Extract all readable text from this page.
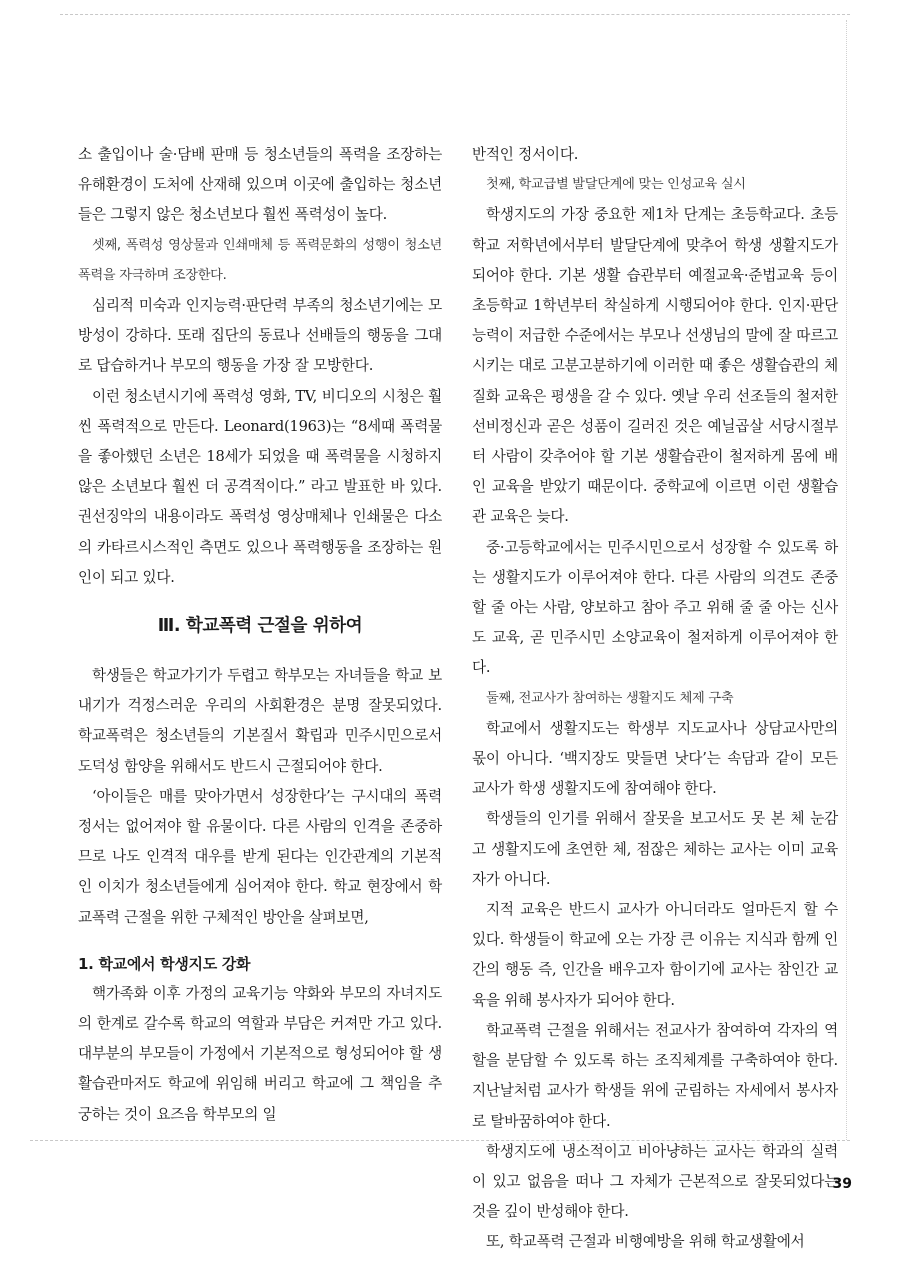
소 출입이나 술·담배 판매 등 청소년들의 폭력을 조장하는 유해환경이 도처에 산재해 있으며 이곳에 출입하는 청소년들은 그렇지 않은 청소년보다 훨씬 폭력성이 높다.

셋째, 폭력성 영상물과 인쇄매체 등 폭력문화의 성행이 청소년 폭력을 자극하며 조장한다.

심리적 미숙과 인지능력·판단력 부족의 청소년기에는 모방성이 강하다. 또래 집단의 동료나 선배들의 행동을 그대로 답습하거나 부모의 행동을 가장 잘 모방한다.

이런 청소년시기에 폭력성 영화, TV, 비디오의 시청은 훨씬 폭력적으로 만든다. Leonard(1963)는 “8세때 폭력물을 좋아했던 소년은 18세가 되었을 때 폭력물을 시청하지 않은 소년보다 훨씬 더 공격적이다.” 라고 발표한 바 있다. 권선징악의 내용이라도 폭력성 영상매체나 인쇄물은 다소의 카타르시스적인 측면도 있으나 폭력행동을 조장하는 원인이 되고 있다.

Ⅲ. 학교폭력 근절을 위하여

학생들은 학교가기가 두렵고 학부모는 자녀들을 학교 보내기가 걱정스러운 우리의 사회환경은 분명 잘못되었다. 학교폭력은 청소년들의 기본질서 확립과 민주시민으로서 도덕성 함양을 위해서도 반드시 근절되어야 한다.

‘아이들은 매를 맞아가면서 성장한다’는 구시대의 폭력정서는 없어져야 할 유물이다. 다른 사람의 인격을 존중하므로 나도 인격적 대우를 받게 된다는 인간관계의 기본적인 이치가 청소년들에게 심어져야 한다. 학교 현장에서 학교폭력 근절을 위한 구체적인 방안을 살펴보면,

1. 학교에서 학생지도 강화

핵가족화 이후 가정의 교육기능 약화와 부모의 자녀지도의 한계로 갈수록 학교의 역할과 부담은 커져만 가고 있다. 대부분의 부모들이 가정에서 기본적으로 형성되어야 할 생활습관마저도 학교에 위임해 버리고 학교에 그 책임을 추궁하는 것이 요즈음 학부모의 일

반적인 정서이다.

첫째, 학교급별 발달단계에 맞는 인성교육 실시

학생지도의 가장 중요한 제1차 단계는 초등학교다. 초등학교 저학년에서부터 발달단계에 맞추어 학생 생활지도가 되어야 한다. 기본 생활 습관부터 예절교육·준법교육 등이 초등학교 1학년부터 착실하게 시행되어야 한다. 인지·판단능력이 저급한 수준에서는 부모나 선생님의 말에 잘 따르고 시키는 대로 고분고분하기에 이러한 때 좋은 생활습관의 체질화 교육은 평생을 갈 수 있다. 옛날 우리 선조들의 철저한 선비정신과 곧은 성품이 길러진 것은 예닐곱살 서당시절부터 사람이 갖추어야 할 기본 생활습관이 철저하게 몸에 배인 교육을 받았기 때문이다. 중학교에 이르면 이런 생활습관 교육은 늦다.

중·고등학교에서는 민주시민으로서 성장할 수 있도록 하는 생활지도가 이루어져야 한다. 다른 사람의 의견도 존중할 줄 아는 사람, 양보하고 참아 주고 위해 줄 줄 아는 신사도 교육, 곧 민주시민 소양교육이 철저하게 이루어져야 한다.

둘째, 전교사가 참여하는 생활지도 체제 구축

학교에서 생활지도는 학생부 지도교사나 상담교사만의 몫이 아니다. ‘백지장도 맞들면 낫다’는 속담과 같이 모든 교사가 학생 생활지도에 참여해야 한다.

학생들의 인기를 위해서 잘못을 보고서도 못 본 체 눈감고 생활지도에 초연한 체, 점잖은 체하는 교사는 이미 교육자가 아니다.

지적 교육은 반드시 교사가 아니더라도 얼마든지 할 수 있다. 학생들이 학교에 오는 가장 큰 이유는 지식과 함께 인간의 행동 즉, 인간을 배우고자 함이기에 교사는 참인간 교육을 위해 봉사자가 되어야 한다.

학교폭력 근절을 위해서는 전교사가 참여하여 각자의 역할을 분담할 수 있도록 하는 조직체계를 구축하여야 한다. 지난날처럼 교사가 학생들 위에 군림하는 자세에서 봉사자로 탈바꿈하여야 한다.

학생지도에 냉소적이고 비아냥하는 교사는 학과의 실력이 있고 없음을 떠나 그 자체가 근본적으로 잘못되었다는 것을 깊이 반성해야 한다.

또, 학교폭력 근절과 비행예방을 위해 학교생활에서

39
